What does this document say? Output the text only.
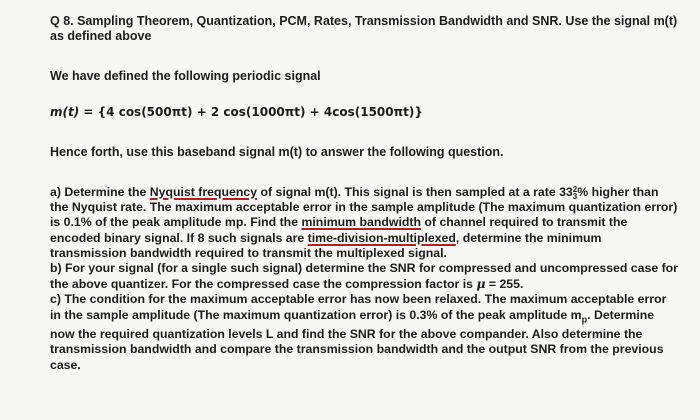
Q 8. Sampling Theorem, Quantization, PCM, Rates, Transmission Bandwidth and SNR. Use the signal m(t) as defined above
We have defined the following periodic signal
m(t) = {4 cos(500πt) + 2 cos(1000πt) + 4cos(1500πt)}
Hence forth, use this baseband signal m(t) to answer the following question.
a) Determine the Nyquist frequency of signal m(t). This signal is then sampled at a rate 33 2
3 % higher than the Nyquist rate. The maximum acceptable error in the sample amplitude (The maximum quantization error) is 0.1% of the peak amplitude mp. Find the minimum bandwidth of channel required to transmit the encoded binary signal. If 8 such signals are time-division-multiplexed, determine the minimum transmission bandwidth required to transmit the multiplexed signal.
b) For your signal (for a single such signal) determine the SNR for compressed and uncompressed case for the above quantizer. For the compressed case the compression factor is μ = 255.
c) The condition for the maximum acceptable error has now been relaxed. The maximum acceptable error in the sample amplitude (The maximum quantization error) is 0.3% of the peak amplitude $m_p$. Determine now the required quantization levels L and find the SNR for the above compander. Also determine the transmission bandwidth and compare the transmission bandwidth and the output SNR from the previous case.
